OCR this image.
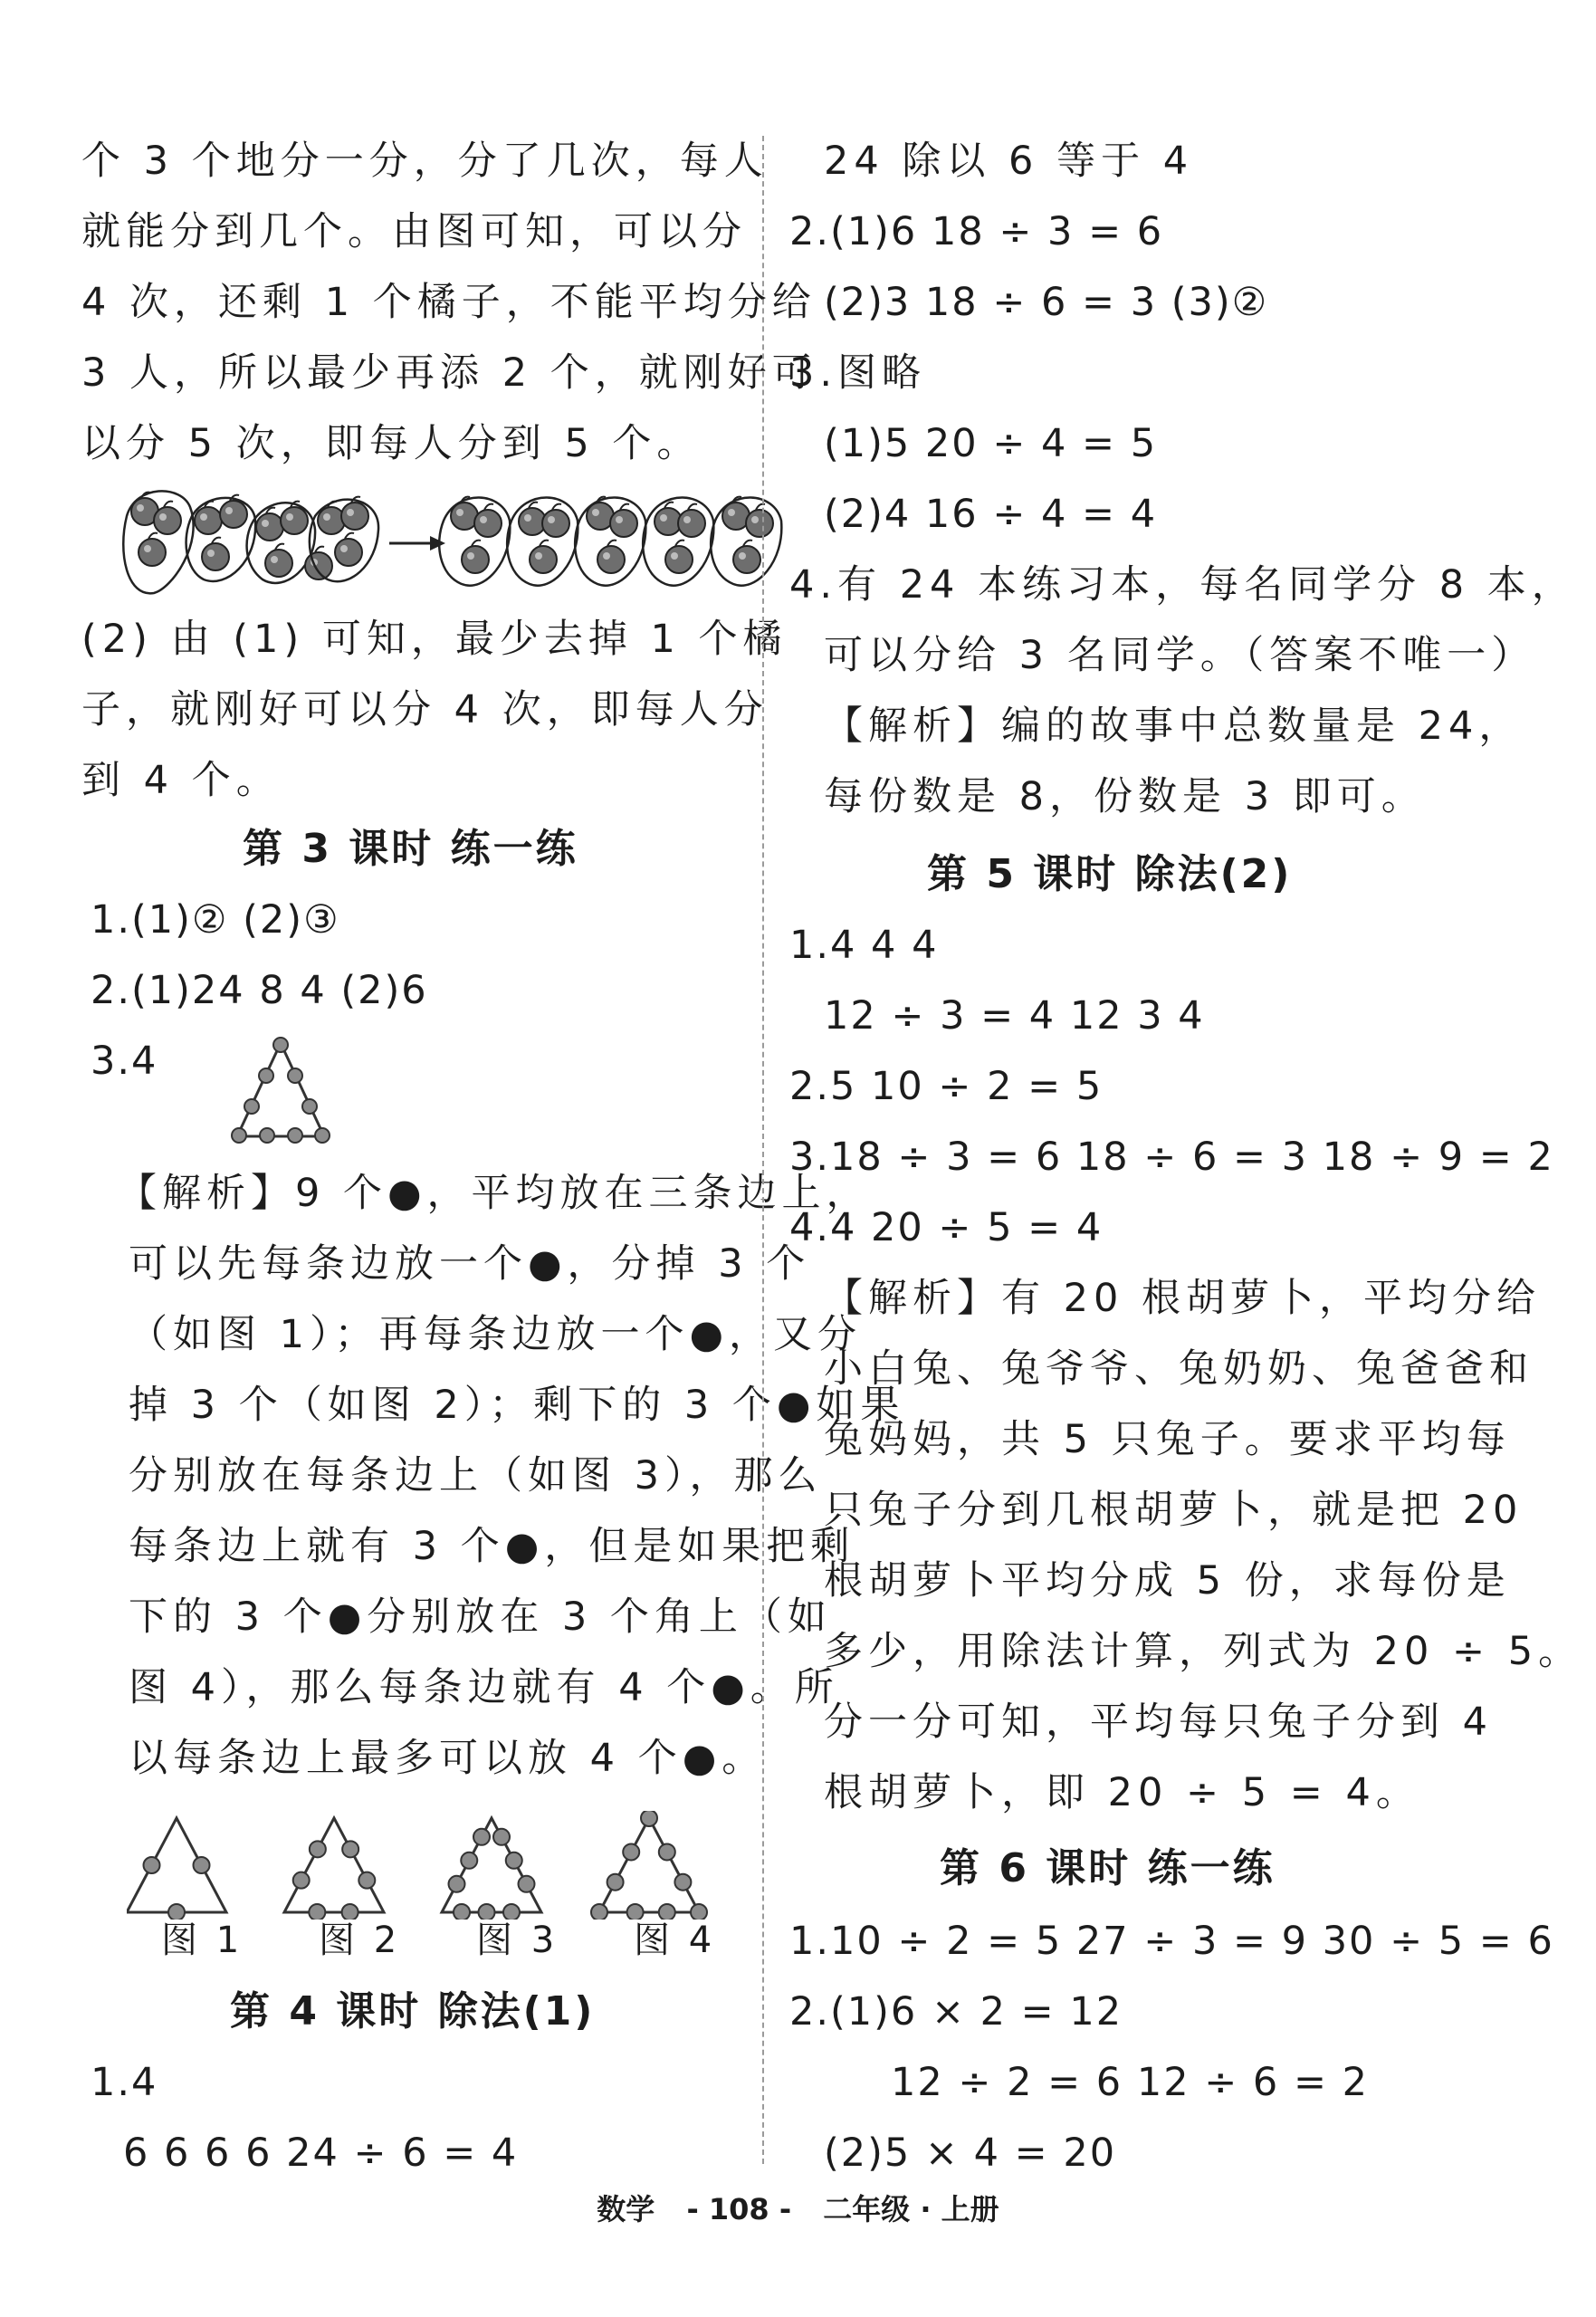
个 3 个地分一分，分了几次，每人
就能分到几个。由图可知，可以分
4 次，还剩 1 个橘子，不能平均分给
3 人，所以最少再添 2 个，就刚好可
以分 5 次，即每人分到 5 个。
(2) 由 (1) 可知，最少去掉 1 个橘
子，就刚好可以分 4 次，即每人分
到 4 个。
第 3 课时 练一练
1.(1)② (2)③
2.(1)24 8 4 (2)6
3.4
【解析】9 个●，平均放在三条边上，
可以先每条边放一个●，分掉 3 个
（如图 1）；再每条边放一个●，又分
掉 3 个（如图 2）；剩下的 3 个●如果
分别放在每条边上（如图 3），那么
每条边上就有 3 个●，但是如果把剩
下的 3 个●分别放在 3 个角上（如
图 4），那么每条边就有 4 个●。所
以每条边上最多可以放 4 个●。
图 1 图 2 图 3 图 4
第 4 课时 除法(1)
1.4
6 6 6 6 24 ÷ 6 = 4
24 除以 6 等于 4
2.(1)6 18 ÷ 3 = 6
(2)3 18 ÷ 6 = 3 (3)②
3.图略
(1)5 20 ÷ 4 = 5
(2)4 16 ÷ 4 = 4
4.有 24 本练习本，每名同学分 8 本，
可以分给 3 名同学。（答案不唯一）
【解析】编的故事中总数量是 24，
每份数是 8，份数是 3 即可。
第 5 课时 除法(2)
1.4 4 4
12 ÷ 3 = 4 12 3 4
2.5 10 ÷ 2 = 5
3.18 ÷ 3 = 6 18 ÷ 6 = 3 18 ÷ 9 = 2
4.4 20 ÷ 5 = 4
【解析】有 20 根胡萝卜，平均分给
小白兔、兔爷爷、兔奶奶、兔爸爸和
兔妈妈，共 5 只兔子。要求平均每
只兔子分到几根胡萝卜，就是把 20
根胡萝卜平均分成 5 份，求每份是
多少，用除法计算，列式为 20 ÷ 5。
分一分可知，平均每只兔子分到 4
根胡萝卜，即 20 ÷ 5 = 4。
第 6 课时 练一练
1.10 ÷ 2 = 5 27 ÷ 3 = 9 30 ÷ 5 = 6
2.(1)6 × 2 = 12
12 ÷ 2 = 6 12 ÷ 6 = 2
(2)5 × 4 = 20
数学 - 108 - 二年级 · 上册
